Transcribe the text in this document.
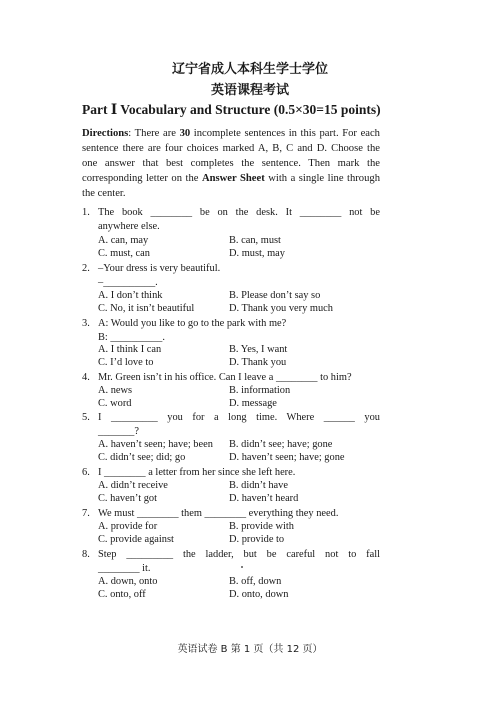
辽宁省成人本科生学士学位
英语课程考试
Part Ⅰ Vocabulary and Structure (0.5×30=15 points)
Directions: There are 30 incomplete sentences in this part. For each sentence there are four choices marked A, B, C and D. Choose the one answer that best completes the sentence. Then mark the corresponding letter on the Answer Sheet with a single line through the center.
1. The book ________ be on the desk. It ________ not be
anywhere else.
A. can, may	B. can, must
C. must, can	D. must, may
2. –Your dress is very beautiful.
–__________.
A. I don’t think	B. Please don’t say so
C. No, it isn’t beautiful	D. Thank you very much
3. A: Would you like to go to the park with me?
B: __________.
A. I think I can	B. Yes, I want
C. I’d love to	D. Thank you
4. Mr. Green isn’t in his office. Can I leave a ________ to him?
A. news	B. information
C. word	D. message
5. I _________ you for a long time. Where ______ you
_______?
A. haven’t seen; have; been B. didn’t see; have; gone
C. didn’t see; did; go	D. haven’t seen; have; gone
6. I ________ a letter from her since she left here.
A. didn’t receive	B. didn’t have
C. haven’t got	D. haven’t heard
7. We must ________ them ________ everything they need.
A. provide for	B. provide with
C. provide against	D. provide to
8. Step _________ the ladder, but be careful not to fall
________ it.
A. down, onto	B. off, down
C. onto, off	D. onto, down
英语试卷 B 第 1 页（共 12 页）
